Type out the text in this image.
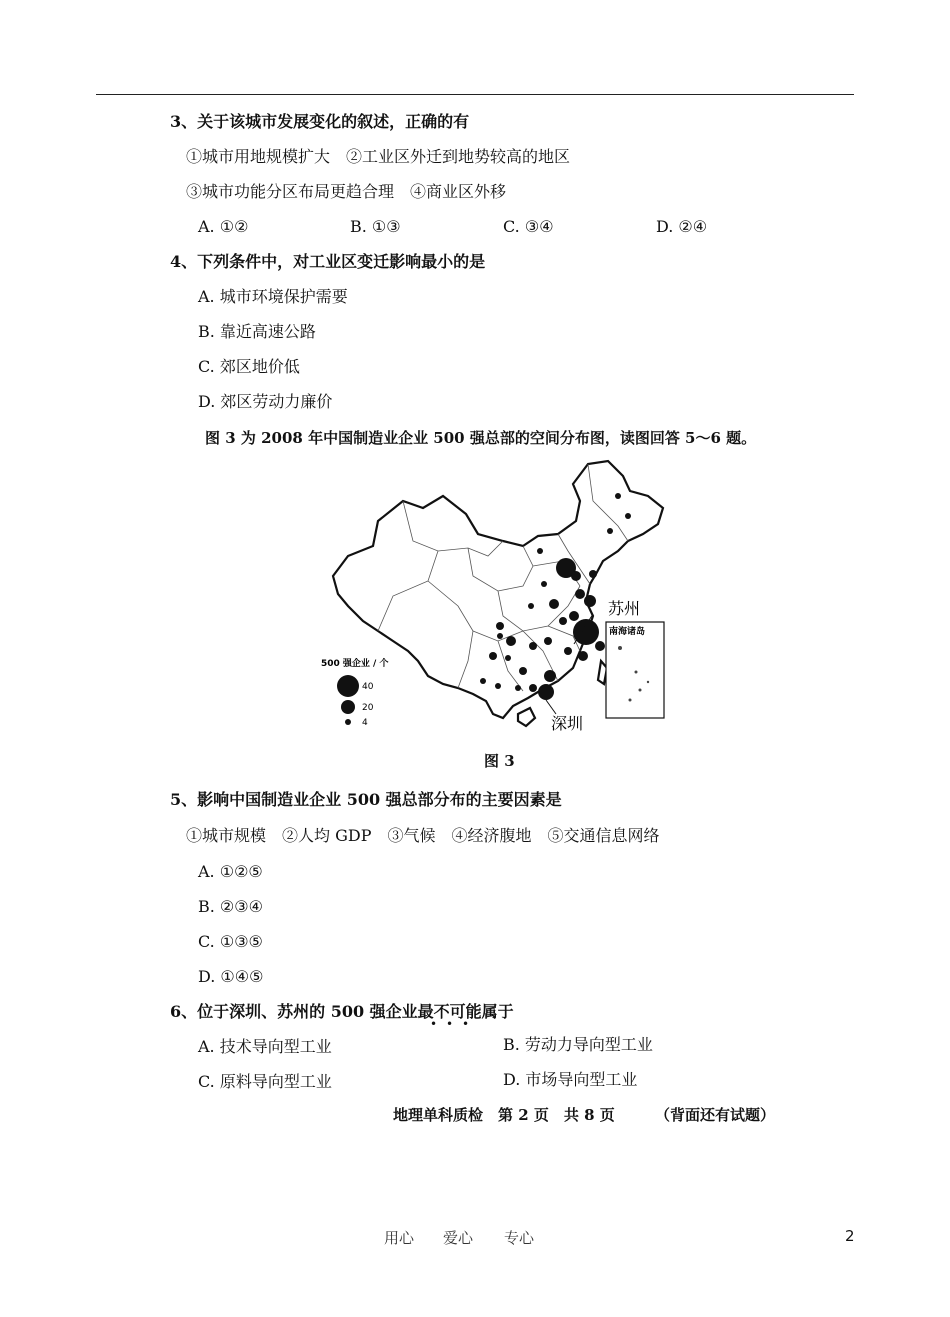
3、关于该城市发展变化的叙述，正确的有
①城市用地规模扩大　②工业区外迁到地势较高的地区
③城市功能分区布局更趋合理　④商业区外移
A. ①②	B. ①③	C. ③④	D. ②④
4、下列条件中，对工业区变迁影响最小的是
A. 城市环境保护需要
B. 靠近高速公路
C. 郊区地价低
D. 郊区劳动力廉价
图 3 为 2008 年中国制造业企业 500 强总部的空间分布图，读图回答 5～6 题。
南海诸岛
苏州
深圳
500 强企业 / 个
40
20
4
图 3
5、影响中国制造业企业 500 强总部分布的主要因素是
①城市规模　②人均 GDP　③气候　④经济腹地　⑤交通信息网络
A. ①②⑤
B. ②③④
C. ①③⑤
D. ①④⑤
6、位于深圳、苏州的 500 强企业最不可能属于
• • •
A. 技术导向型工业	B. 劳动力导向型工业
C. 原料导向型工业	D. 市场导向型工业
地理单科质检　第 2 页　共 8 页	（背面还有试题）
用心 爱心 专心	2
